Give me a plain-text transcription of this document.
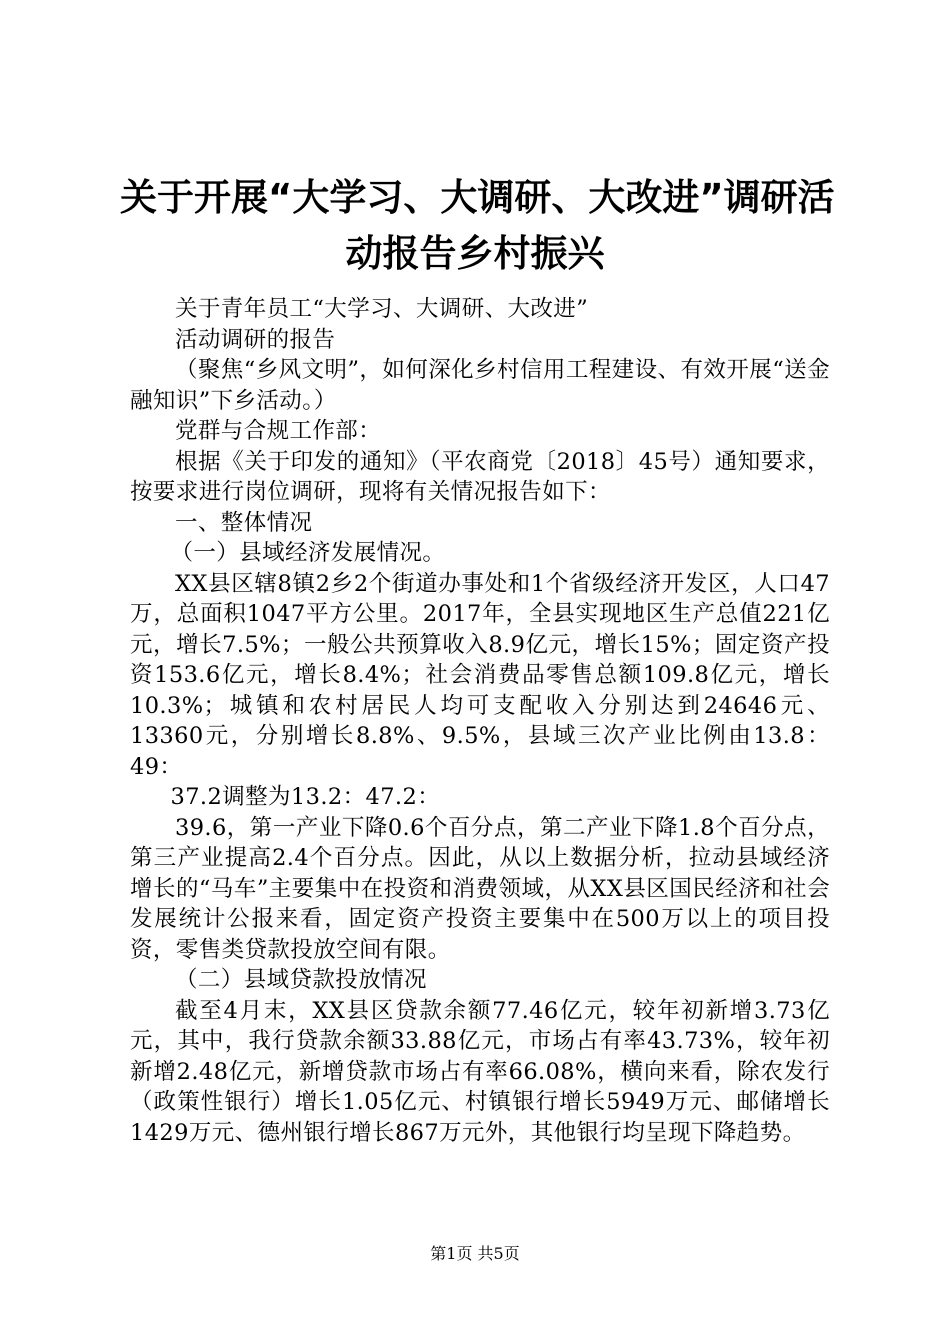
关于开展“大学习、大调研、大改进”调研活
动报告乡村振兴

关于青年员工“大学习、大调研、大改进”

活动调研的报告

（聚焦“乡风文明”，如何深化乡村信用工程建设、有效开展“送金融知识”下乡活动。）

党群与合规工作部：

根据《关于印发的通知》（平农商党〔2018〕45号）通知要求，按要求进行岗位调研，现将有关情况报告如下：

一、整体情况

（一）县域经济发展情况。

XX县区辖8镇2乡2个街道办事处和1个省级经济开发区，人口47万，总面积1047平方公里。2017年，全县实现地区生产总值221亿元，增长7.5%；一般公共预算收入8.9亿元，增长15%；固定资产投资153.6亿元，增长8.4%；社会消费品零售总额109.8亿元，增长10.3%；城镇和农村居民人均可支配收入分别达到24646元、13360元，分别增长8.8%、9.5%，县域三次产业比例由13.8：49：

37.2调整为13.2：47.2：

39.6，第一产业下降0.6个百分点，第二产业下降1.8个百分点，第三产业提高2.4个百分点。因此，从以上数据分析，拉动县域经济增长的“马车”主要集中在投资和消费领域，从XX县区国民经济和社会发展统计公报来看，固定资产投资主要集中在500万以上的项目投资，零售类贷款投放空间有限。

（二）县域贷款投放情况

截至4月末，XX县区贷款余额77.46亿元，较年初新增3.73亿元，其中，我行贷款余额33.88亿元，市场占有率43.73%，较年初新增2.48亿元，新增贷款市场占有率66.08%，横向来看，除农发行（政策性银行）增长1.05亿元、村镇银行增长5949万元、邮储增长1429万元、德州银行增长867万元外，其他银行均呈现下降趋势。

第1页 共5页
